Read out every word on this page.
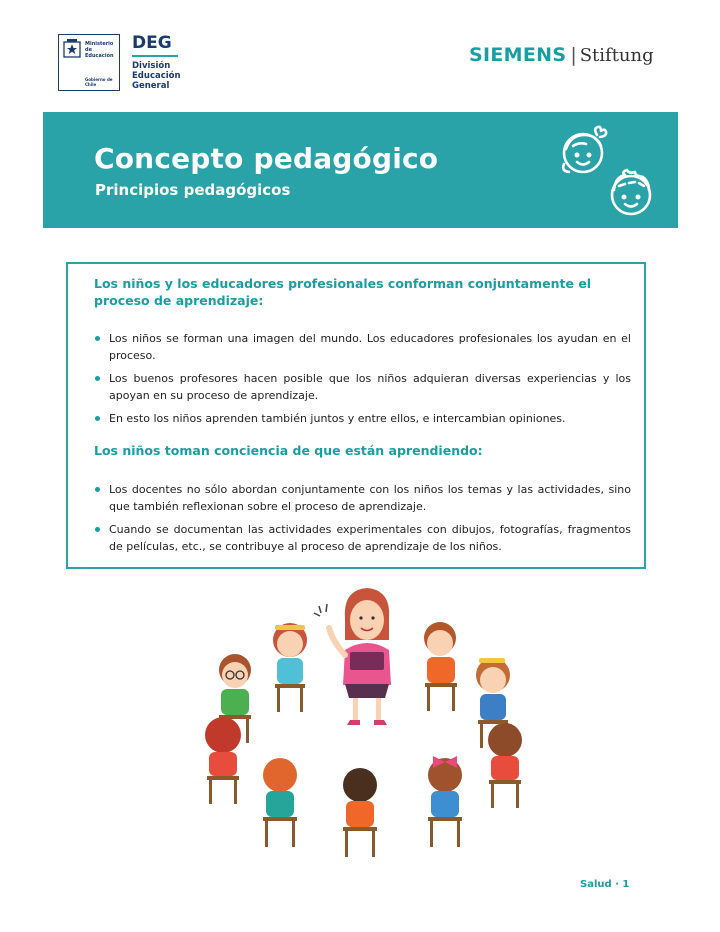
Ministerio de
Educación
Gobierno de Chile
DEG
División
Educación
General
SIEMENS | Stiftung
Concepto pedagógico
Principios pedagógicos

Los niños y los educadores profesionales conforman conjuntamente el proceso de aprendizaje:

Los niños se forman una imagen del mundo. Los educadores profesionales los ayudan en el proceso.
Los buenos profesores hacen posible que los niños adquieran diversas experiencias y los apoyan en su proceso de aprendizaje.
En esto los niños aprenden también juntos y entre ellos, e intercambian opiniones.

Los niños toman conciencia de que están aprendiendo:

Los docentes no sólo abordan conjuntamente con los niños los temas y las actividades, sino que también reflexionan sobre el proceso de aprendizaje.
Cuando se documentan las actividades experimentales con dibujos, fotografías, fragmentos de películas, etc., se contribuye al proceso de aprendizaje de los niños.
Salud · 1
